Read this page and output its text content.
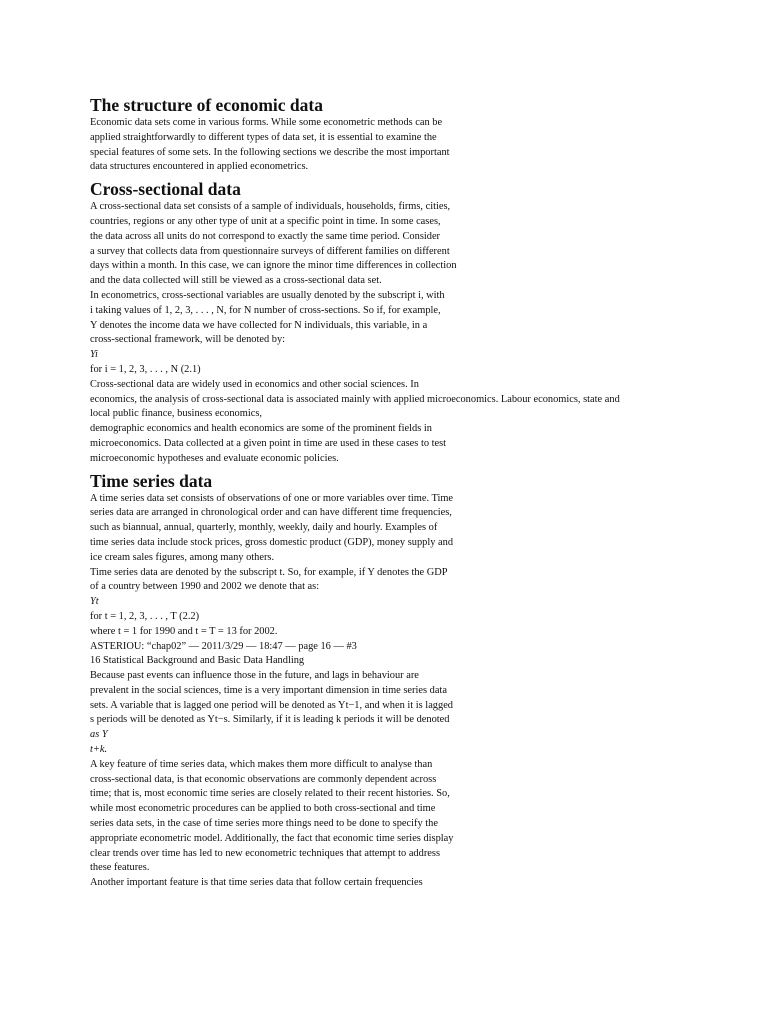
The structure of economic data
Economic data sets come in various forms. While some econometric methods can be
applied straightforwardly to different types of data set, it is essential to examine the
special features of some sets. In the following sections we describe the most important
data structures encountered in applied econometrics.
Cross-sectional data
A cross-sectional data set consists of a sample of individuals, households, firms, cities,
countries, regions or any other type of unit at a specific point in time. In some cases,
the data across all units do not correspond to exactly the same time period. Consider
a survey that collects data from questionnaire surveys of different families on different
days within a month. In this case, we can ignore the minor time differences in collection
and the data collected will still be viewed as a cross-sectional data set.
In econometrics, cross-sectional variables are usually denoted by the subscript i, with
i taking values of 1, 2, 3, . . . , N, for N number of cross-sections. So if, for example,
Y denotes the income data we have collected for N individuals, this variable, in a
cross-sectional framework, will be denoted by:
Yi
for i = 1, 2, 3, . . . , N (2.1)
Cross-sectional data are widely used in economics and other social sciences. In
economics, the analysis of cross-sectional data is associated mainly with applied microeconomics. Labour economics, state and
local public finance, business economics,
demographic economics and health economics are some of the prominent fields in
microeconomics. Data collected at a given point in time are used in these cases to test
microeconomic hypotheses and evaluate economic policies.
Time series data
A time series data set consists of observations of one or more variables over time. Time
series data are arranged in chronological order and can have different time frequencies,
such as biannual, annual, quarterly, monthly, weekly, daily and hourly. Examples of
time series data include stock prices, gross domestic product (GDP), money supply and
ice cream sales figures, among many others.
Time series data are denoted by the subscript t. So, for example, if Y denotes the GDP
of a country between 1990 and 2002 we denote that as:
Yt
for t = 1, 2, 3, . . . , T (2.2)
where t = 1 for 1990 and t = T = 13 for 2002.
ASTERIOU: “chap02” — 2011/3/29 — 18:47 — page 16 — #3
16 Statistical Background and Basic Data Handling
Because past events can influence those in the future, and lags in behaviour are
prevalent in the social sciences, time is a very important dimension in time series data
sets. A variable that is lagged one period will be denoted as Yt−1, and when it is lagged
s periods will be denoted as Yt−s. Similarly, if it is leading k periods it will be denoted
as Y
t+k.
A key feature of time series data, which makes them more difficult to analyse than
cross-sectional data, is that economic observations are commonly dependent across
time; that is, most economic time series are closely related to their recent histories. So,
while most econometric procedures can be applied to both cross-sectional and time
series data sets, in the case of time series more things need to be done to specify the
appropriate econometric model. Additionally, the fact that economic time series display
clear trends over time has led to new econometric techniques that attempt to address
these features.
Another important feature is that time series data that follow certain frequencies
